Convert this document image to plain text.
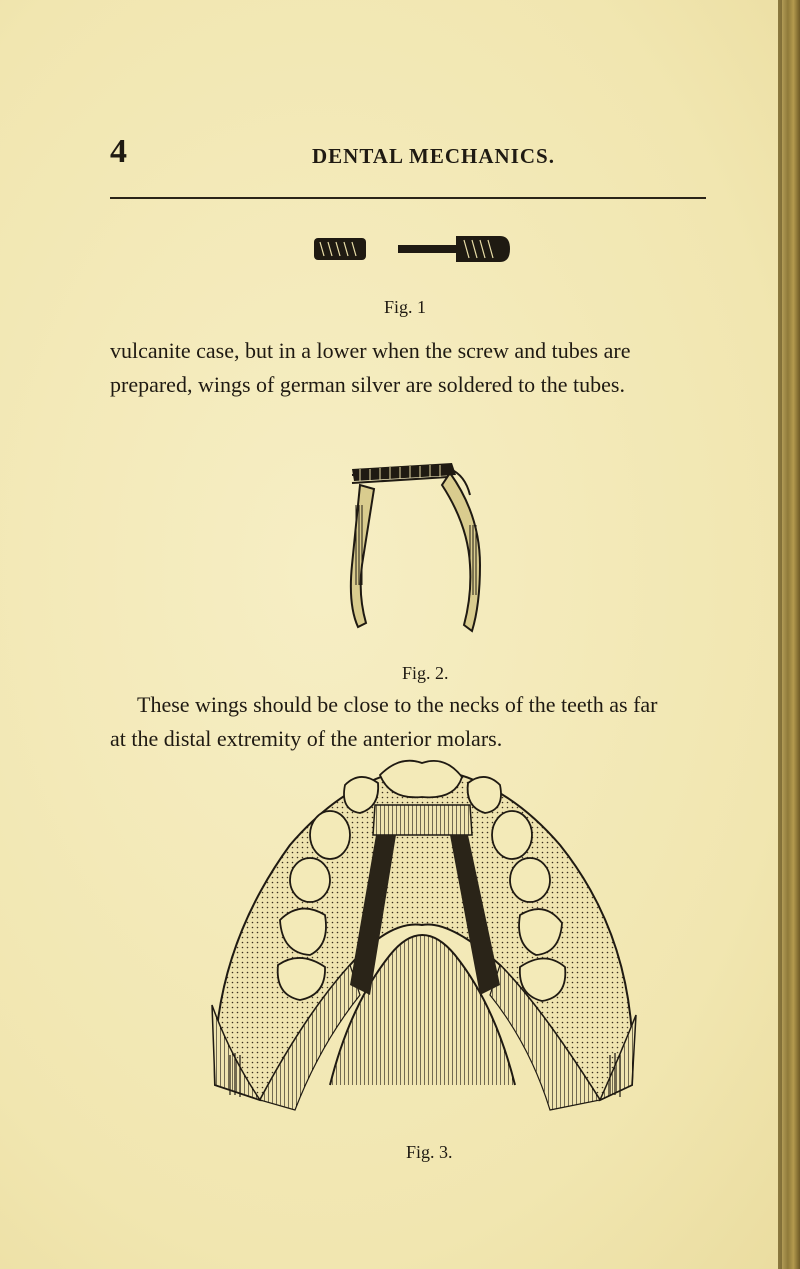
4	DENTAL MECHANICS.
Fig. 1
vulcanite case, but in a lower when the screw and tubes are
prepared, wings of german silver are soldered to the tubes.
Fig. 2.
These wings should be close to the necks of the teeth as far
at the distal extremity of the anterior molars.
Fig. 3.
